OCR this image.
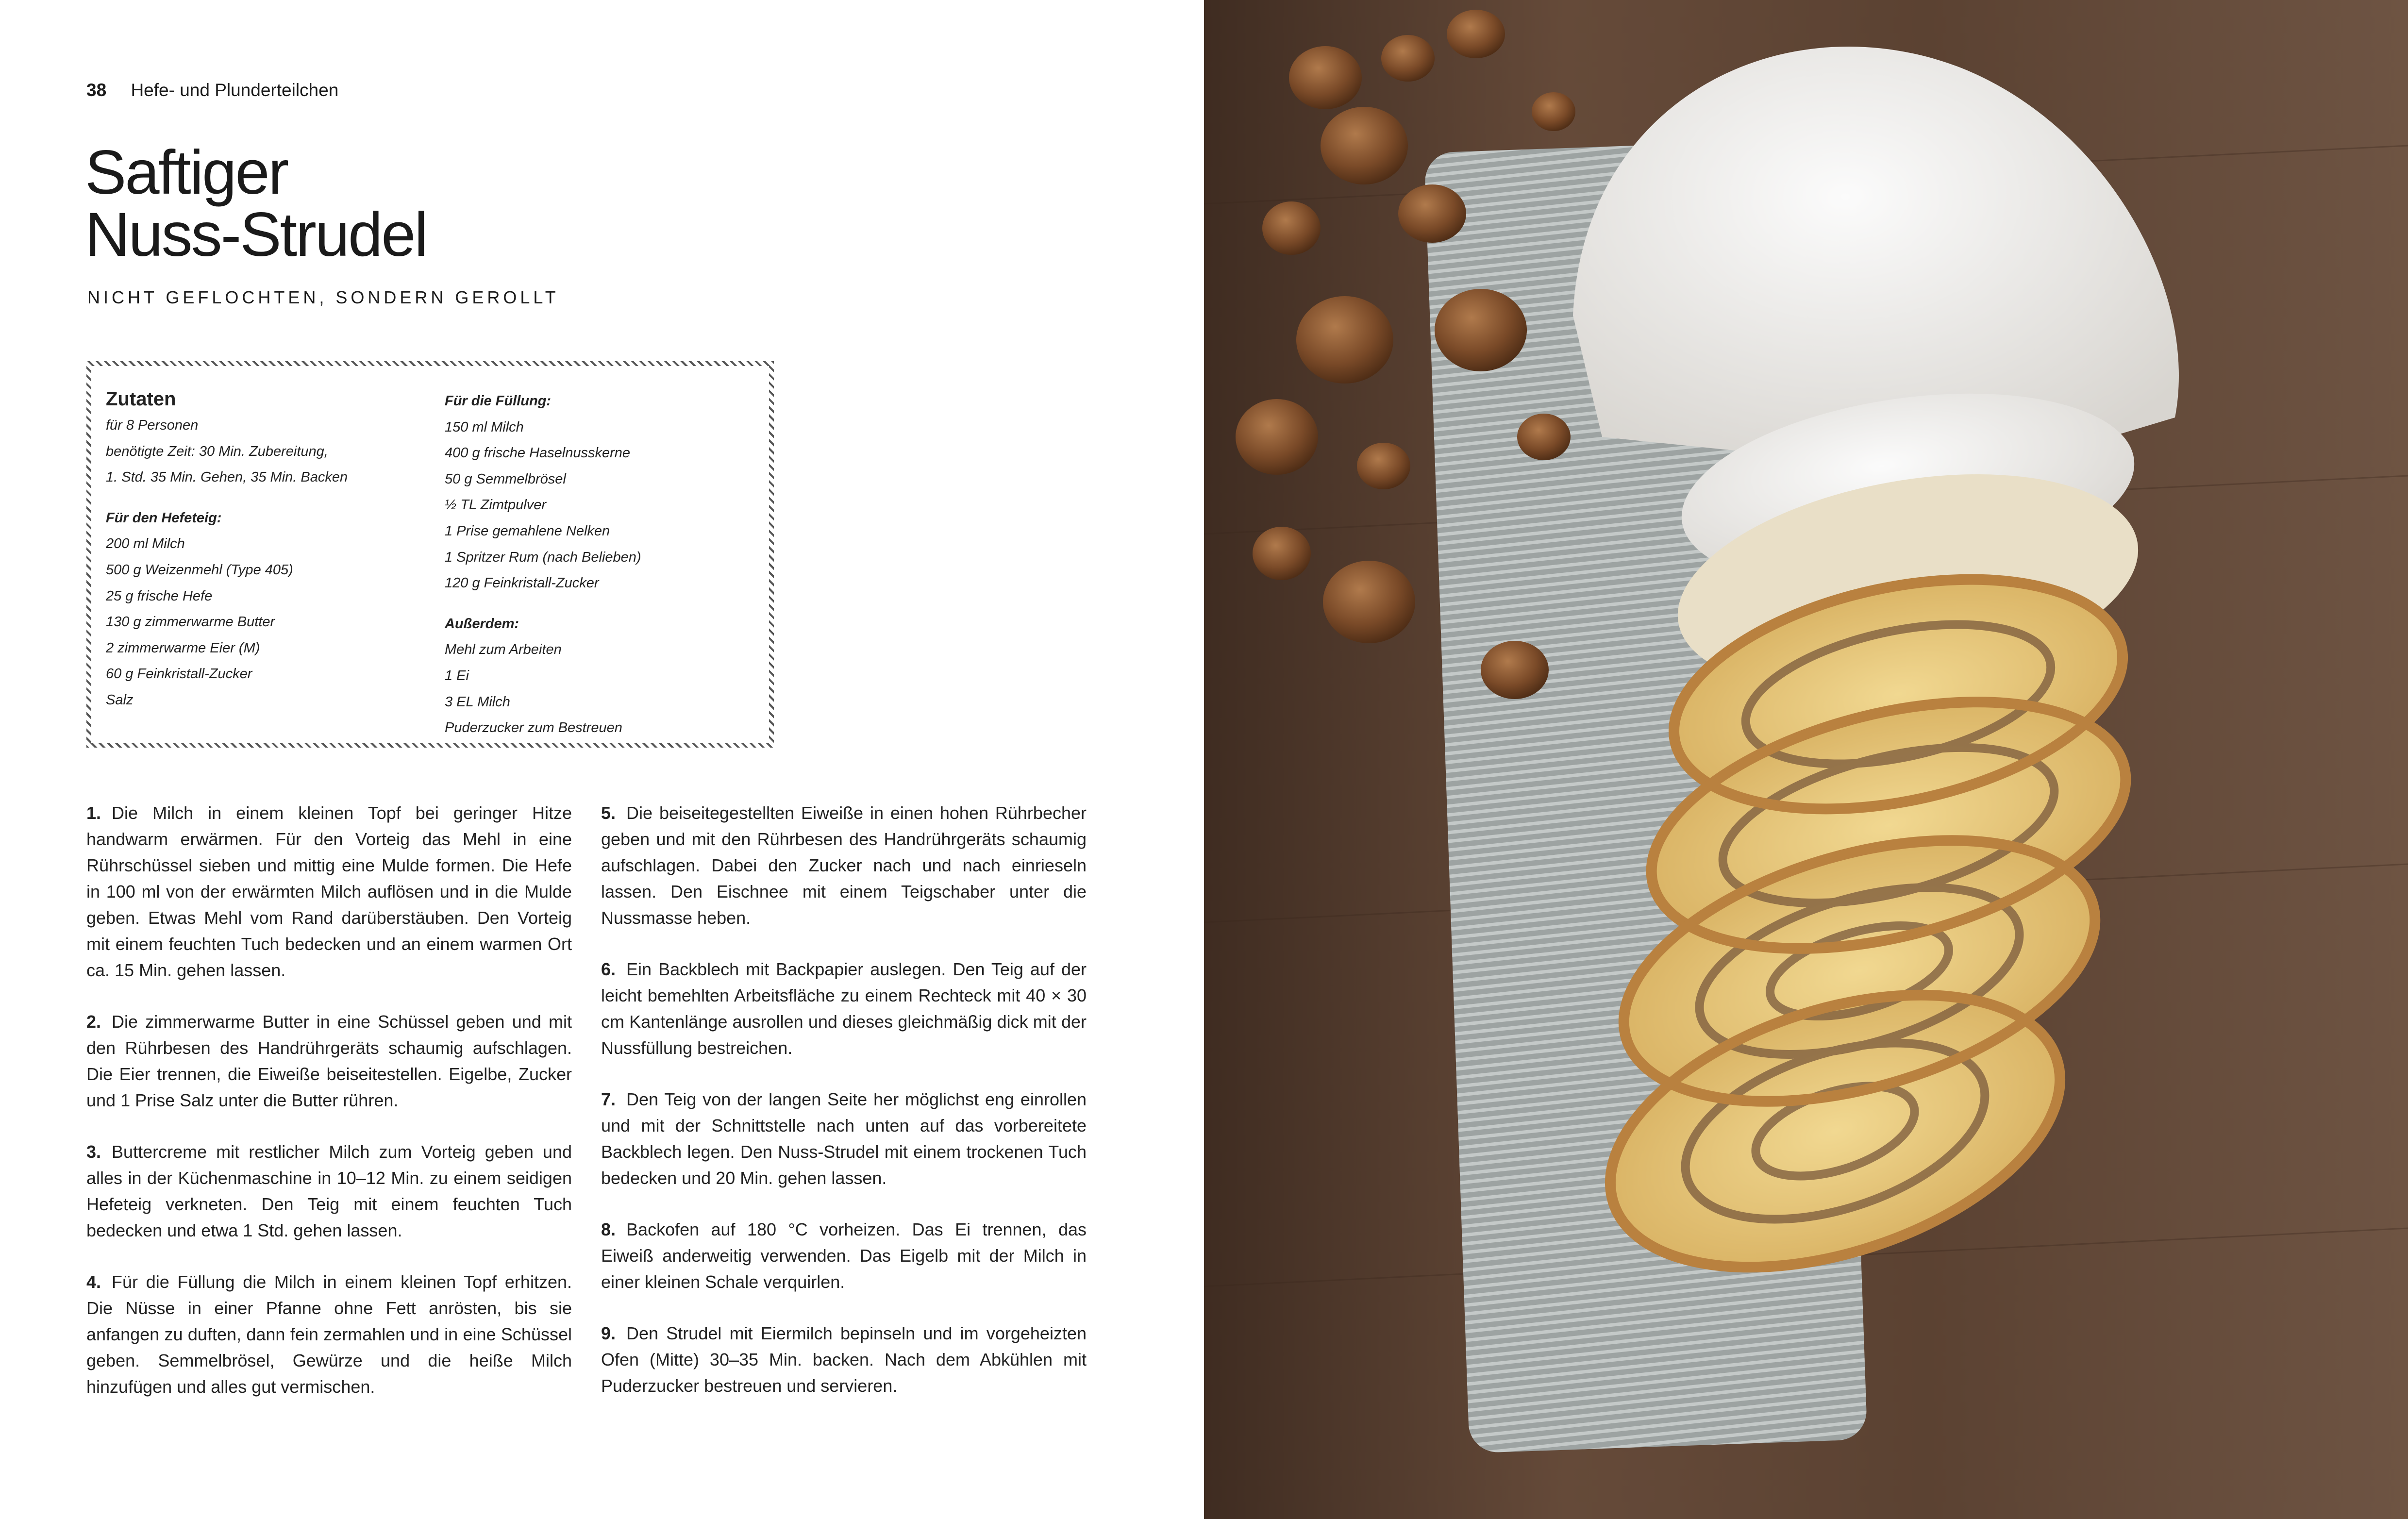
38 Hefe- und Plunderteilchen
Saftiger
Nuss-Strudel
NICHT GEFLOCHTEN, SONDERN GEROLLT
Zutaten
für 8 Personen
benötigte Zeit: 30 Min. Zubereitung,
1. Std. 35 Min. Gehen, 35 Min. Backen
Für den Hefeteig:
200 ml Milch
500 g Weizenmehl (Type 405)
25 g frische Hefe
130 g zimmerwarme Butter
2 zimmerwarme Eier (M)
60 g Feinkristall-Zucker
Salz
Für die Füllung:
150 ml Milch
400 g frische Haselnusskerne
50 g Semmelbrösel
½ TL Zimtpulver
1 Prise gemahlene Nelken
1 Spritzer Rum (nach Belieben)
120 g Feinkristall-Zucker
Außerdem:
Mehl zum Arbeiten
1 Ei
3 EL Milch
Puderzucker zum Bestreuen

1. Die Milch in einem kleinen Topf bei geringer Hitze handwarm erwärmen. Für den Vorteig das Mehl in eine Rührschüssel sieben und mittig eine Mulde formen. Die Hefe in 100 ml von der erwärmten Milch auflösen und in die Mulde geben. Etwas Mehl vom Rand darüberstäuben. Den Vorteig mit einem feuchten Tuch bedecken und an einem warmen Ort ca. 15 Min. gehen lassen.

2. Die zimmerwarme Butter in eine Schüssel geben und mit den Rührbesen des Handrührgeräts schaumig aufschlagen. Die Eier trennen, die Eiweiße beiseitestellen. Eigelbe, Zucker und 1 Prise Salz unter die Butter rühren.

3. Buttercreme mit restlicher Milch zum Vorteig geben und alles in der Küchenmaschine in 10–12 Min. zu einem seidigen Hefeteig verkneten. Den Teig mit einem feuchten Tuch bedecken und etwa 1 Std. gehen lassen.

4. Für die Füllung die Milch in einem kleinen Topf erhitzen. Die Nüsse in einer Pfanne ohne Fett anrösten, bis sie anfangen zu duften, dann fein zermahlen und in eine Schüssel geben. Semmelbrösel, Gewürze und die heiße Milch hinzufügen und alles gut vermischen.

5. Die beiseitegestellten Eiweiße in einen hohen Rührbecher geben und mit den Rührbesen des Handrührgeräts schaumig aufschlagen. Dabei den Zucker nach und nach einrieseln lassen. Den Eischnee mit einem Teigschaber unter die Nussmasse heben.

6. Ein Backblech mit Backpapier auslegen. Den Teig auf der leicht bemehlten Arbeitsfläche zu einem Rechteck mit 40 × 30 cm Kantenlänge ausrollen und dieses gleichmäßig dick mit der Nussfüllung bestreichen.

7. Den Teig von der langen Seite her möglichst eng einrollen und mit der Schnittstelle nach unten auf das vorbereitete Backblech legen. Den Nuss-Strudel mit einem trockenen Tuch bedecken und 20 Min. gehen lassen.

8. Backofen auf 180 °C vorheizen. Das Ei trennen, das Eiweiß anderweitig verwenden. Das Eigelb mit der Milch in einer kleinen Schale verquirlen.

9. Den Strudel mit Eiermilch bepinseln und im vorgeheizten Ofen (Mitte) 30–35 Min. backen. Nach dem Abkühlen mit Puderzucker bestreuen und servieren.
